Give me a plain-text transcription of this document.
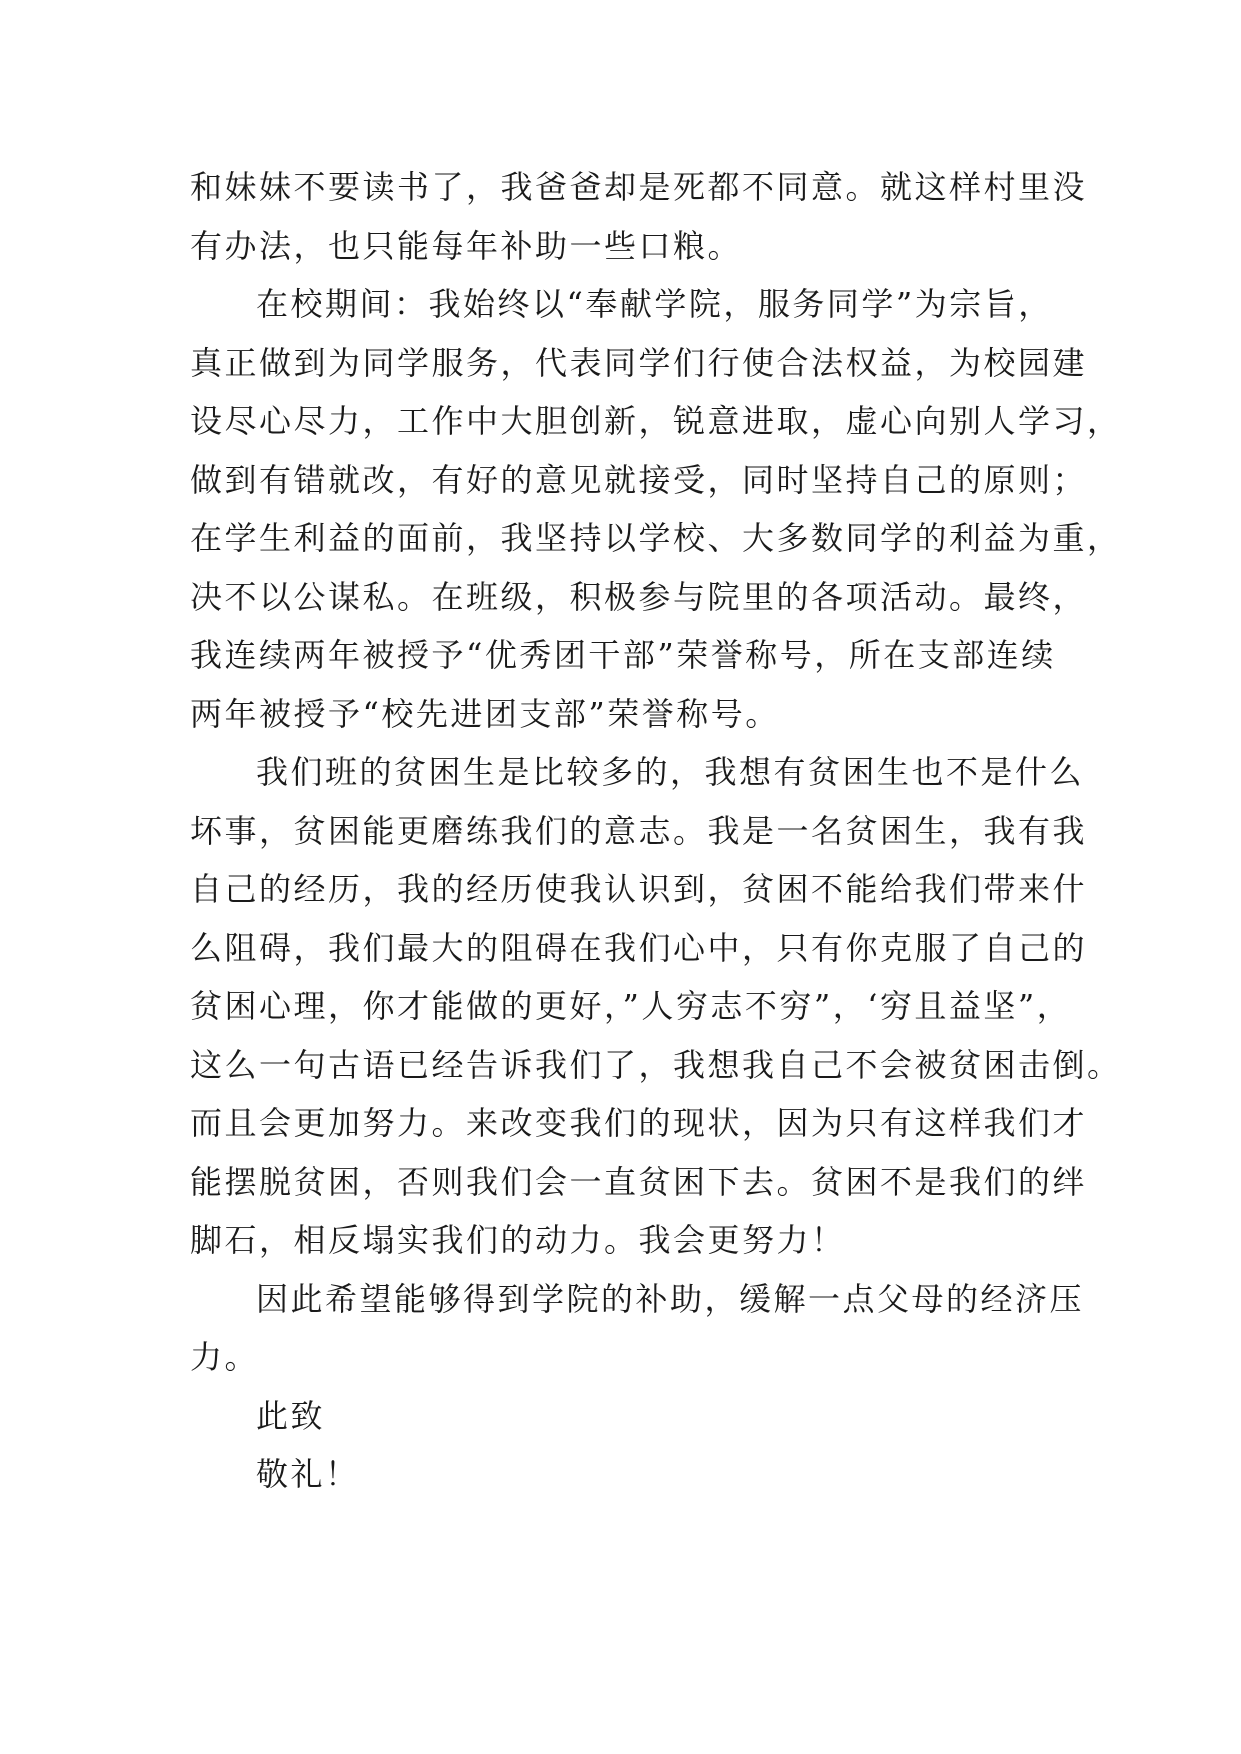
和妹妹不要读书了，我爸爸却是死都不同意。就这样村里没
有办法，也只能每年补助一些口粮。
在校期间：我始终以“奉献学院，服务同学”为宗旨，
真正做到为同学服务，代表同学们行使合法权益，为校园建
设尽心尽力，工作中大胆创新，锐意进取，虚心向别人学习，
做到有错就改，有好的意见就接受，同时坚持自己的原则；
在学生利益的面前，我坚持以学校、大多数同学的利益为重，
决不以公谋私。在班级，积极参与院里的各项活动。最终，
我连续两年被授予“优秀团干部”荣誉称号，所在支部连续
两年被授予“校先进团支部”荣誉称号。
我们班的贫困生是比较多的，我想有贫困生也不是什么
坏事，贫困能更磨练我们的意志。我是一名贫困生，我有我
自己的经历，我的经历使我认识到，贫困不能给我们带来什
么阻碍，我们最大的阻碍在我们心中，只有你克服了自己的
贫困心理，你才能做的更好，”人穷志不穷”，‘穷且益坚”，
这么一句古语已经告诉我们了，我想我自己不会被贫困击倒。
而且会更加努力。来改变我们的现状，因为只有这样我们才
能摆脱贫困，否则我们会一直贫困下去。贫困不是我们的绊
脚石，相反塌实我们的动力。我会更努力！
因此希望能够得到学院的补助，缓解一点父母的经济压
力。
此致
敬礼！
